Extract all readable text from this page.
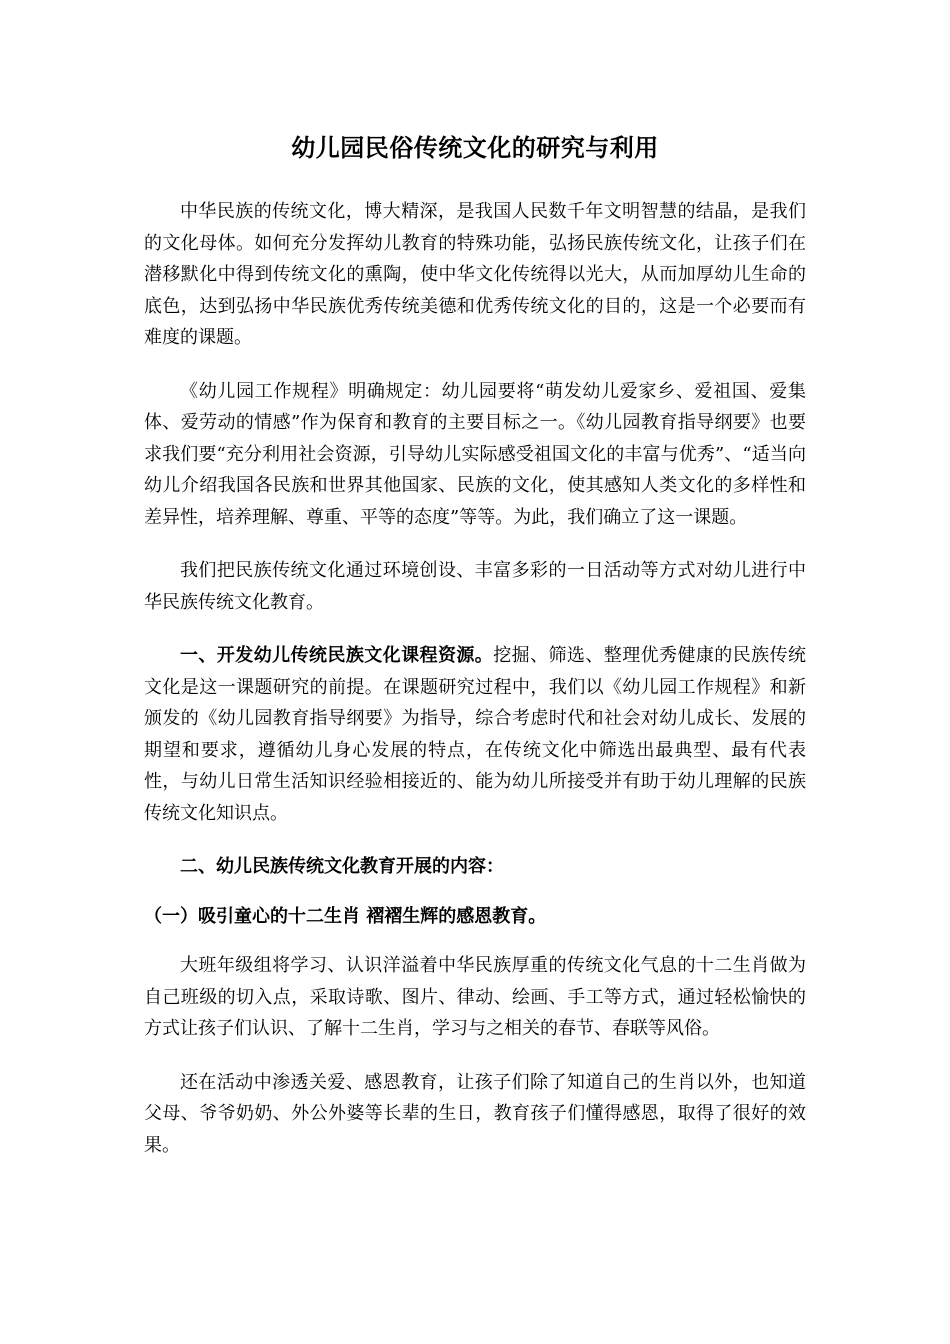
幼儿园民俗传统文化的研究与利用

中华民族的传统文化，博大精深，是我国人民数千年文明智慧的结晶，是我们的文化母体。如何充分发挥幼儿教育的特殊功能，弘扬民族传统文化，让孩子们在潜移默化中得到传统文化的熏陶，使中华文化传统得以光大，从而加厚幼儿生命的底色，达到弘扬中华民族优秀传统美德和优秀传统文化的目的，这是一个必要而有难度的课题。

《幼儿园工作规程》明确规定：幼儿园要将“萌发幼儿爱家乡、爱祖国、爱集体、爱劳动的情感”作为保育和教育的主要目标之一。《幼儿园教育指导纲要》也要求我们要“充分利用社会资源，引导幼儿实际感受祖国文化的丰富与优秀”、“适当向幼儿介绍我国各民族和世界其他国家、民族的文化，使其感知人类文化的多样性和差异性，培养理解、尊重、平等的态度”等等。为此，我们确立了这一课题。

我们把民族传统文化通过环境创设、丰富多彩的一日活动等方式对幼儿进行中华民族传统文化教育。

一、开发幼儿传统民族文化课程资源。挖掘、筛选、整理优秀健康的民族传统文化是这一课题研究的前提。在课题研究过程中，我们以《幼儿园工作规程》和新颁发的《幼儿园教育指导纲要》为指导，综合考虑时代和社会对幼儿成长、发展的期望和要求，遵循幼儿身心发展的特点，在传统文化中筛选出最典型、最有代表性，与幼儿日常生活知识经验相接近的、能为幼儿所接受并有助于幼儿理解的民族传统文化知识点。

二、幼儿民族传统文化教育开展的内容：

（一）吸引童心的十二生肖 褶褶生辉的感恩教育。

大班年级组将学习、认识洋溢着中华民族厚重的传统文化气息的十二生肖做为自己班级的切入点，采取诗歌、图片、律动、绘画、手工等方式，通过轻松愉快的方式让孩子们认识、了解十二生肖，学习与之相关的春节、春联等风俗。

还在活动中渗透关爱、感恩教育，让孩子们除了知道自己的生肖以外，也知道父母、爷爷奶奶、外公外婆等长辈的生日，教育孩子们懂得感恩，取得了很好的效果。
